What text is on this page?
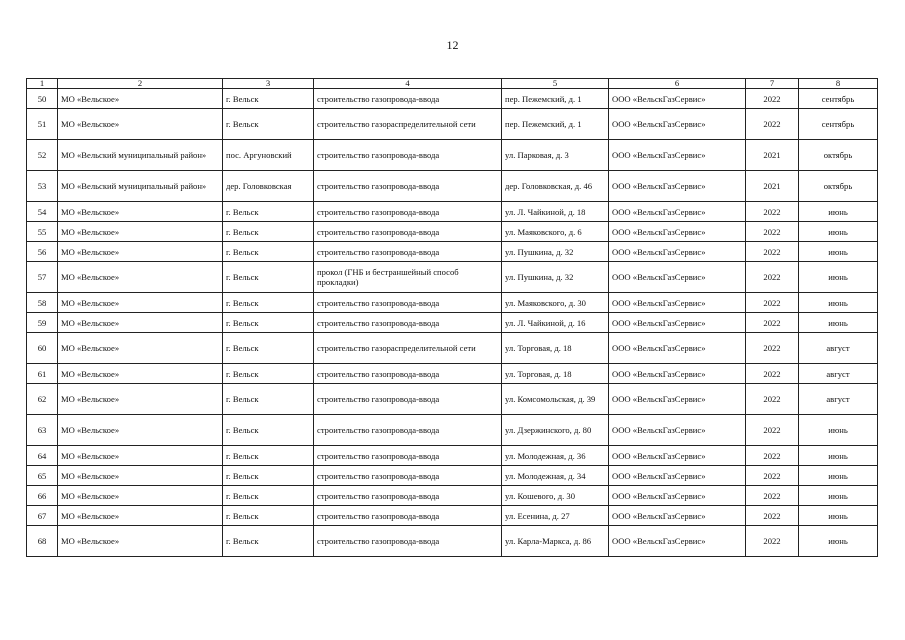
12
1	2	3	4	5	6	7	8
50	МО «Вельское»	г. Вельск	строительство газопровода-ввода	пер. Пежемский, д. 1	ООО «ВельскГазСервис»	2022	сентябрь
51	МО «Вельское»	г. Вельск	строительство газораспределительной сети	пер. Пежемский, д. 1	ООО «ВельскГазСервис»	2022	сентябрь
52	МО «Вельский муниципальный район»	пос. Аргуновский	строительство газопровода-ввода	ул. Парковая, д. 3	ООО «ВельскГазСервис»	2021	октябрь
53	МО «Вельский муниципальный район»	дер. Головковская	строительство газопровода-ввода	дер. Головковская, д. 46	ООО «ВельскГазСервис»	2021	октябрь
54	МО «Вельское»	г. Вельск	строительство газопровода-ввода	ул. Л. Чайкиной, д. 18	ООО «ВельскГазСервис»	2022	июнь
55	МО «Вельское»	г. Вельск	строительство газопровода-ввода	ул. Маяковского, д. 6	ООО «ВельскГазСервис»	2022	июнь
56	МО «Вельское»	г. Вельск	строительство газопровода-ввода	ул. Пушкина, д. 32	ООО «ВельскГазСервис»	2022	июнь
57	МО «Вельское»	г. Вельск	прокол (ГНБ и бестраншейный способ прокладки)	ул. Пушкина, д. 32	ООО «ВельскГазСервис»	2022	июнь
58	МО «Вельское»	г. Вельск	строительство газопровода-ввода	ул. Маяковского, д. 30	ООО «ВельскГазСервис»	2022	июнь
59	МО «Вельское»	г. Вельск	строительство газопровода-ввода	ул. Л. Чайкиной, д. 16	ООО «ВельскГазСервис»	2022	июнь
60	МО «Вельское»	г. Вельск	строительство газораспределительной сети	ул. Торговая, д. 18	ООО «ВельскГазСервис»	2022	август
61	МО «Вельское»	г. Вельск	строительство газопровода-ввода	ул. Торговая, д. 18	ООО «ВельскГазСервис»	2022	август
62	МО «Вельское»	г. Вельск	строительство газопровода-ввода	ул. Комсомольская, д. 39	ООО «ВельскГазСервис»	2022	август
63	МО «Вельское»	г. Вельск	строительство газопровода-ввода	ул. Дзержинского, д. 80	ООО «ВельскГазСервис»	2022	июнь
64	МО «Вельское»	г. Вельск	строительство газопровода-ввода	ул. Молодежная, д. 36	ООО «ВельскГазСервис»	2022	июнь
65	МО «Вельское»	г. Вельск	строительство газопровода-ввода	ул. Молодежная, д. 34	ООО «ВельскГазСервис»	2022	июнь
66	МО «Вельское»	г. Вельск	строительство газопровода-ввода	ул. Кошевого, д. 30	ООО «ВельскГазСервис»	2022	июнь
67	МО «Вельское»	г. Вельск	строительство газопровода-ввода	ул. Есенина, д. 27	ООО «ВельскГазСервис»	2022	июнь
68	МО «Вельское»	г. Вельск	строительство газопровода-ввода	ул. Карла-Маркса, д. 86	ООО «ВельскГазСервис»	2022	июнь
